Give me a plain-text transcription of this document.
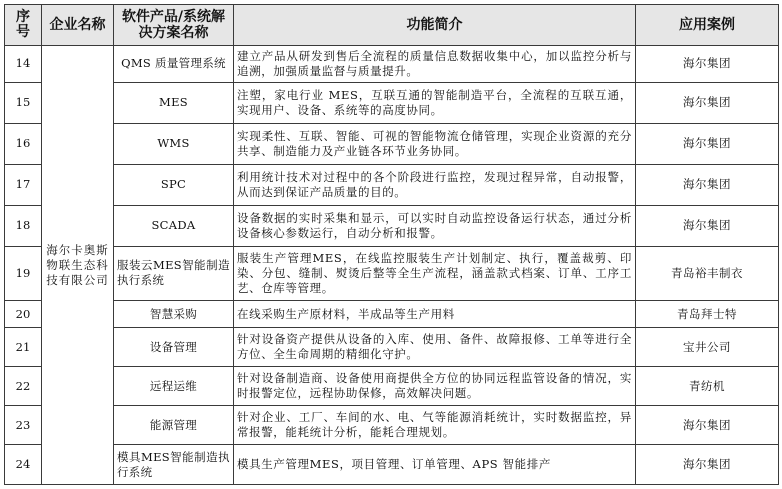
序号	企业名称	软件产品/系统解决方案名称	功能简介	应用案例
14	海尔卡奥斯物联生态科技有限公司	QMS 质量管理系统	建立产品从研发到售后全流程的质量信息数据收集中心，加以监控分析与追溯，加强质量监督与质量提升。	海尔集团
15		MES	注塑，家电行业 MES，互联互通的智能制造平台，全流程的互联互通，实现用户、设备、系统等的高度协同。	海尔集团
16		WMS	实现柔性、互联、智能、可视的智能物流仓储管理，实现企业资源的充分共享、制造能力及产业链各环节业务协同。	海尔集团
17		SPC	利用统计技术对过程中的各个阶段进行监控，发现过程异常，自动报警，从而达到保证产品质量的目的。	海尔集团
18		SCADA	设备数据的实时采集和显示，可以实时自动监控设备运行状态，通过分析设备核心参数运行，自动分析和报警。	海尔集团
19		服装云MES智能制造执行系统	服装生产管理MES，在线监控服装生产计划制定、执行，覆盖裁剪、印染、分包、缝制、熨烫后整等全生产流程，涵盖款式档案、订单、工序工艺、仓库等管理。	青岛裕丰制衣
20		智慧采购	在线采购生产原材料，半成品等生产用料	青岛拜士特
21		设备管理	针对设备资产提供从设备的入库、使用、备件、故障报修、工单等进行全方位、全生命周期的精细化守护。	宝井公司
22		远程运维	针对设备制造商、设备使用商提供全方位的协同远程监管设备的情况，实时报警定位，远程协助保修，高效解决问题。	青纺机
23		能源管理	针对企业、工厂、车间的水、电、气等能源消耗统计，实时数据监控，异常报警，能耗统计分析，能耗合理规划。	海尔集团
24		模具MES智能制造执行系统	模具生产管理MES，项目管理、订单管理、APS 智能排产	海尔集团
